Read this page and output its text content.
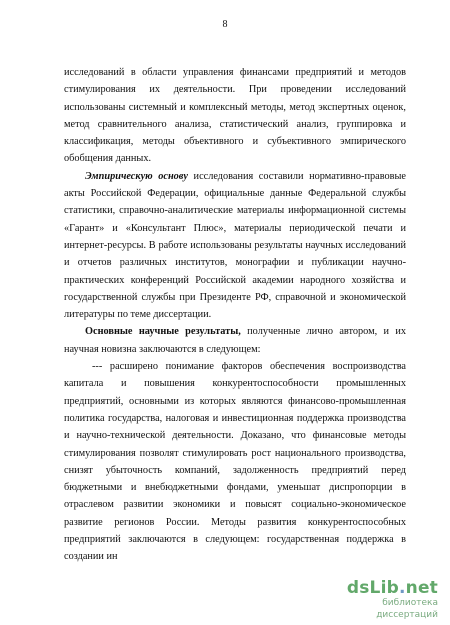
8

исследований в области управления финансами предприятий и методов стимулирования их деятельности. При проведении исследований использованы системный и комплексный методы, метод экспертных оценок, метод сравнительного анализа, статистический анализ, группировка и классификация, методы объективного и субъективного эмпирического обобщения данных.

Эмпирическую основу исследования составили нормативно-правовые акты Российской Федерации, официальные данные Федеральной службы статистики, справочно-аналитические материалы информационной системы «Гарант» и «Консультант Плюс», материалы периодической печати и интернет-ресурсы. В работе использованы результаты научных исследований и отчетов различных институтов, монографии и публикации научно-практических конференций Российской академии народного хозяйства и государственной службы при Президенте РФ, справочной и экономической литературы по теме диссертации.

Основные научные результаты, полученные лично автором, и их научная новизна заключаются в следующем:

--- расширено понимание факторов обеспечения воспроизводства капитала и повышения конкурентоспособности промышленных предприятий, основными из которых являются финансово-промышленная политика государства, налоговая и инвестиционная поддержка производства и научно-технической деятельности. Доказано, что финансовые методы стимулирования позволят стимулировать рост национального производства, снизят убыточность компаний, задолженность предприятий перед бюджетными и внебюджетными фондами, уменьшат диспропорции в отраслевом развитии экономики и повысят социально-экономическое развитие регионов России. Методы развития конкурентоспособных предприятий заключаются в следующем: государственная поддержка в создании ин

dsLib.net
библиотека диссертаций
